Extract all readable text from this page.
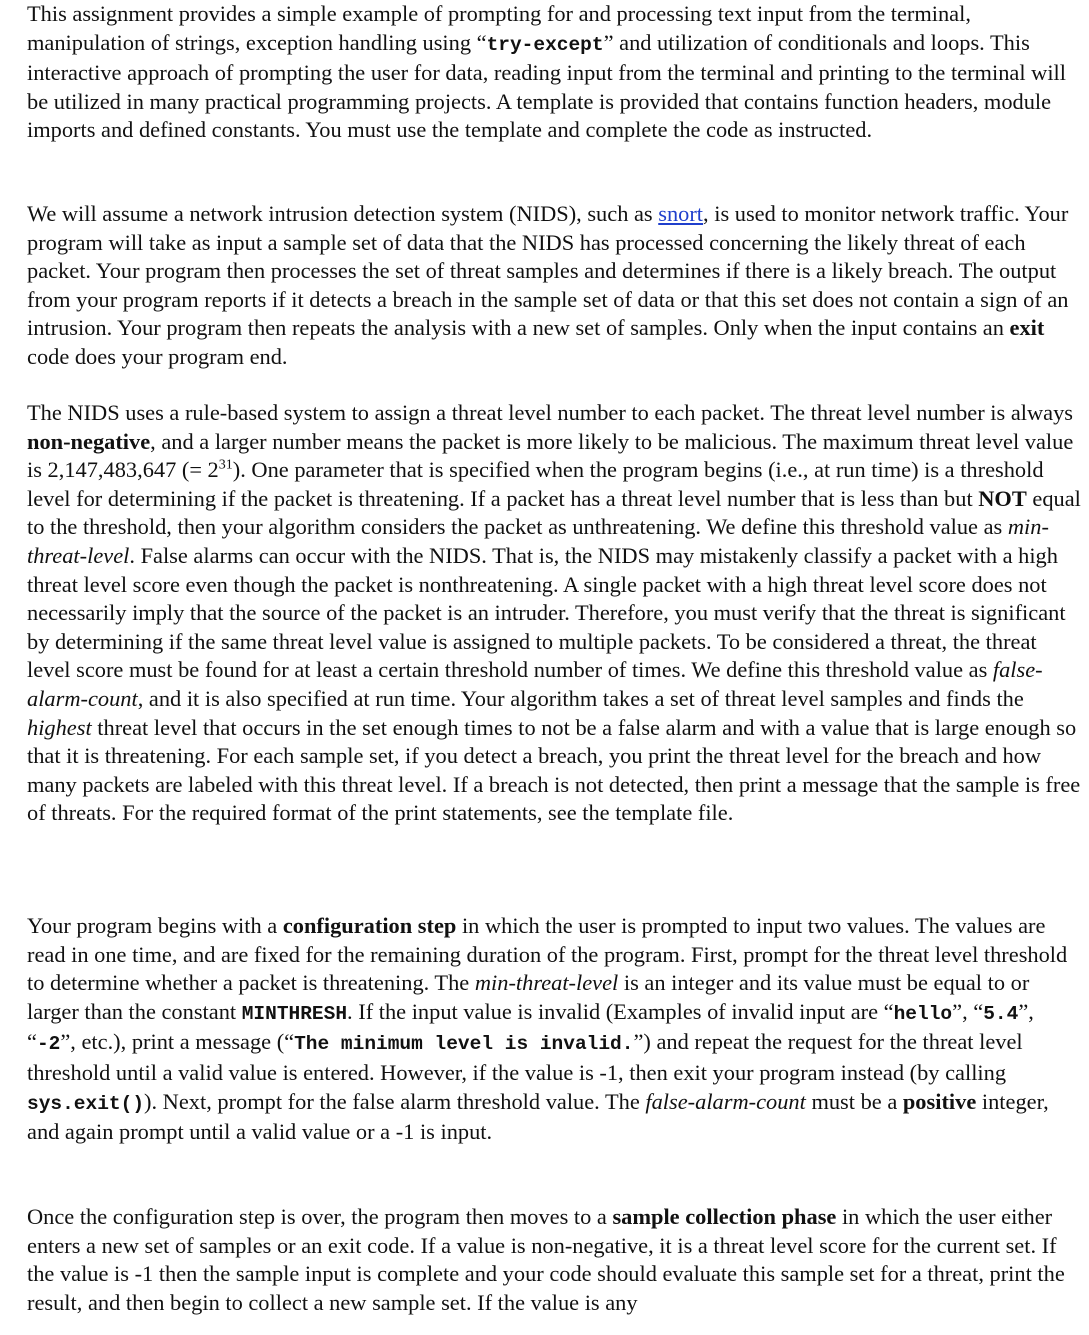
This assignment provides a simple example of prompting for and processing text input from the terminal, manipulation of strings, exception handling using “try-except” and utilization of conditionals and loops. This interactive approach of prompting the user for data, reading input from the terminal and printing to the terminal will be utilized in many practical programming projects. A template is provided that contains function headers, module imports and defined constants. You must use the template and complete the code as instructed.

We will assume a network intrusion detection system (NIDS), such as snort, is used to monitor network traffic. Your program will take as input a sample set of data that the NIDS has processed concerning the likely threat of each packet. Your program then processes the set of threat samples and determines if there is a likely breach. The output from your program reports if it detects a breach in the sample set of data or that this set does not contain a sign of an intrusion. Your program then repeats the analysis with a new set of samples. Only when the input contains an exit code does your program end.

The NIDS uses a rule-based system to assign a threat level number to each packet. The threat level number is always non-negative, and a larger number means the packet is more likely to be malicious. The maximum threat level value is 2,147,483,647 (= $2^{31}$). One parameter that is specified when the program begins (i.e., at run time) is a threshold level for determining if the packet is threatening. If a packet has a threat level number that is less than but NOT equal to the threshold, then your algorithm considers the packet as unthreatening. We define this threshold value as min-threat-level. False alarms can occur with the NIDS. That is, the NIDS may mistakenly classify a packet with a high threat level score even though the packet is nonthreatening. A single packet with a high threat level score does not necessarily imply that the source of the packet is an intruder. Therefore, you must verify that the threat is significant by determining if the same threat level value is assigned to multiple packets. To be considered a threat, the threat level score must be found for at least a certain threshold number of times. We define this threshold value as false-alarm-count, and it is also specified at run time. Your algorithm takes a set of threat level samples and finds the highest threat level that occurs in the set enough times to not be a false alarm and with a value that is large enough so that it is threatening. For each sample set, if you detect a breach, you print the threat level for the breach and how many packets are labeled with this threat level. If a breach is not detected, then print a message that the sample is free of threats. For the required format of the print statements, see the template file.

Your program begins with a configuration step in which the user is prompted to input two values. The values are read in one time, and are fixed for the remaining duration of the program. First, prompt for the threat level threshold to determine whether a packet is threatening. The min-threat-level is an integer and its value must be equal to or larger than the constant MINTHRESH. If the input value is invalid (Examples of invalid input are “hello”, “5.4”, “-2”, etc.), print a message (“The minimum level is invalid.”) and repeat the request for the threat level threshold until a valid value is entered. However, if the value is -1, then exit your program instead (by calling sys.exit()). Next, prompt for the false alarm threshold value. The false-alarm-count must be a positive integer, and again prompt until a valid value or a -1 is input.

Once the configuration step is over, the program then moves to a sample collection phase in which the user either enters a new set of samples or an exit code. If a value is non-negative, it is a threat level score for the current set. If the value is -1 then the sample input is complete and your code should evaluate this sample set for a threat, print the result, and then begin to collect a new sample set. If the value is any
